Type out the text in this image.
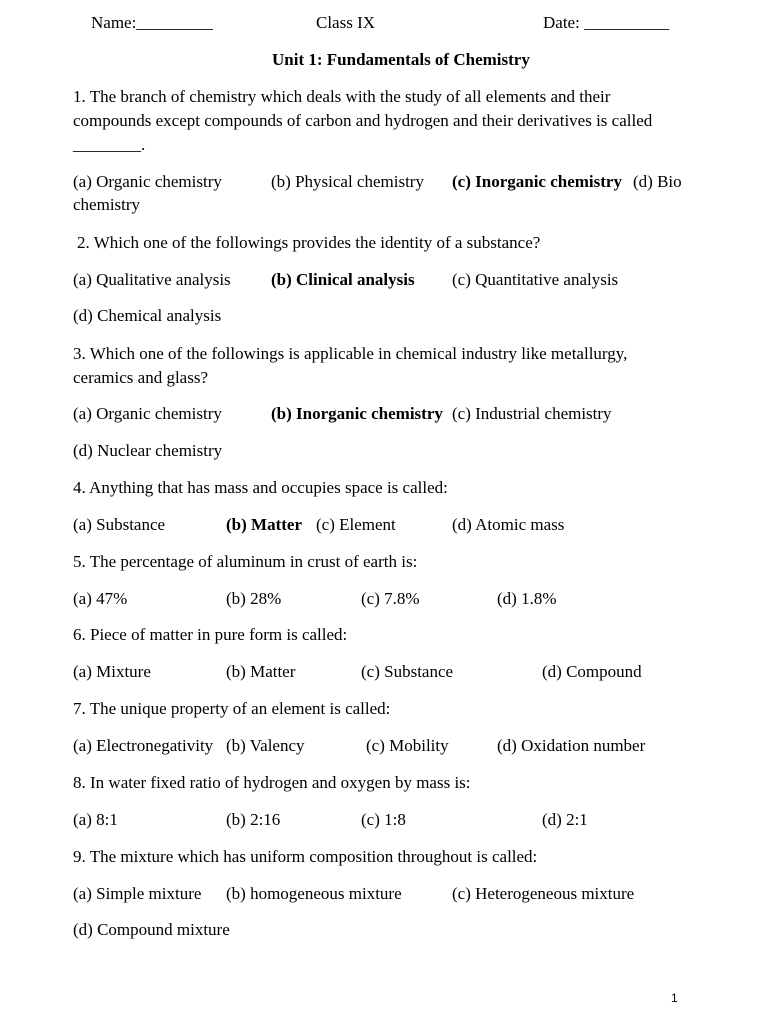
Name:_________	Class IX	Date: __________
Unit 1: Fundamentals of Chemistry
1. The branch of chemistry which deals with the study of all elements and their
compounds except compounds of carbon and hydrogen and their derivatives is called
________.
(a) Organic chemistry	(b) Physical chemistry (c) Inorganic chemistry (d) Bio
chemistry
2. Which one of the followings provides the identity of a substance?
(a) Qualitative analysis (b) Clinical analysis (c) Quantitative analysis
(d) Chemical analysis
3. Which one of the followings is applicable in chemical industry like metallurgy,
ceramics and glass?
(a) Organic chemistry	(b) Inorganic chemistry (c) Industrial chemistry
(d) Nuclear chemistry
4. Anything that has mass and occupies space is called:
(a) Substance	(b) Matter (c) Element	(d) Atomic mass
5. The percentage of aluminum in crust of earth is:
(a) 47%	(b) 28%	(c) 7.8%	(d) 1.8%
6. Piece of matter in pure form is called:
(a) Mixture	(b) Matter	(c) Substance	(d) Compound
7. The unique property of an element is called:
(a) Electronegativity (b) Valency	(c) Mobility	(d) Oxidation number
8. In water fixed ratio of hydrogen and oxygen by mass is:
(a) 8:1	(b) 2:16	(c) 1:8	(d) 2:1
9. The mixture which has uniform composition throughout is called:
(a) Simple mixture (b) homogeneous mixture	(c) Heterogeneous mixture
(d) Compound mixture
1
